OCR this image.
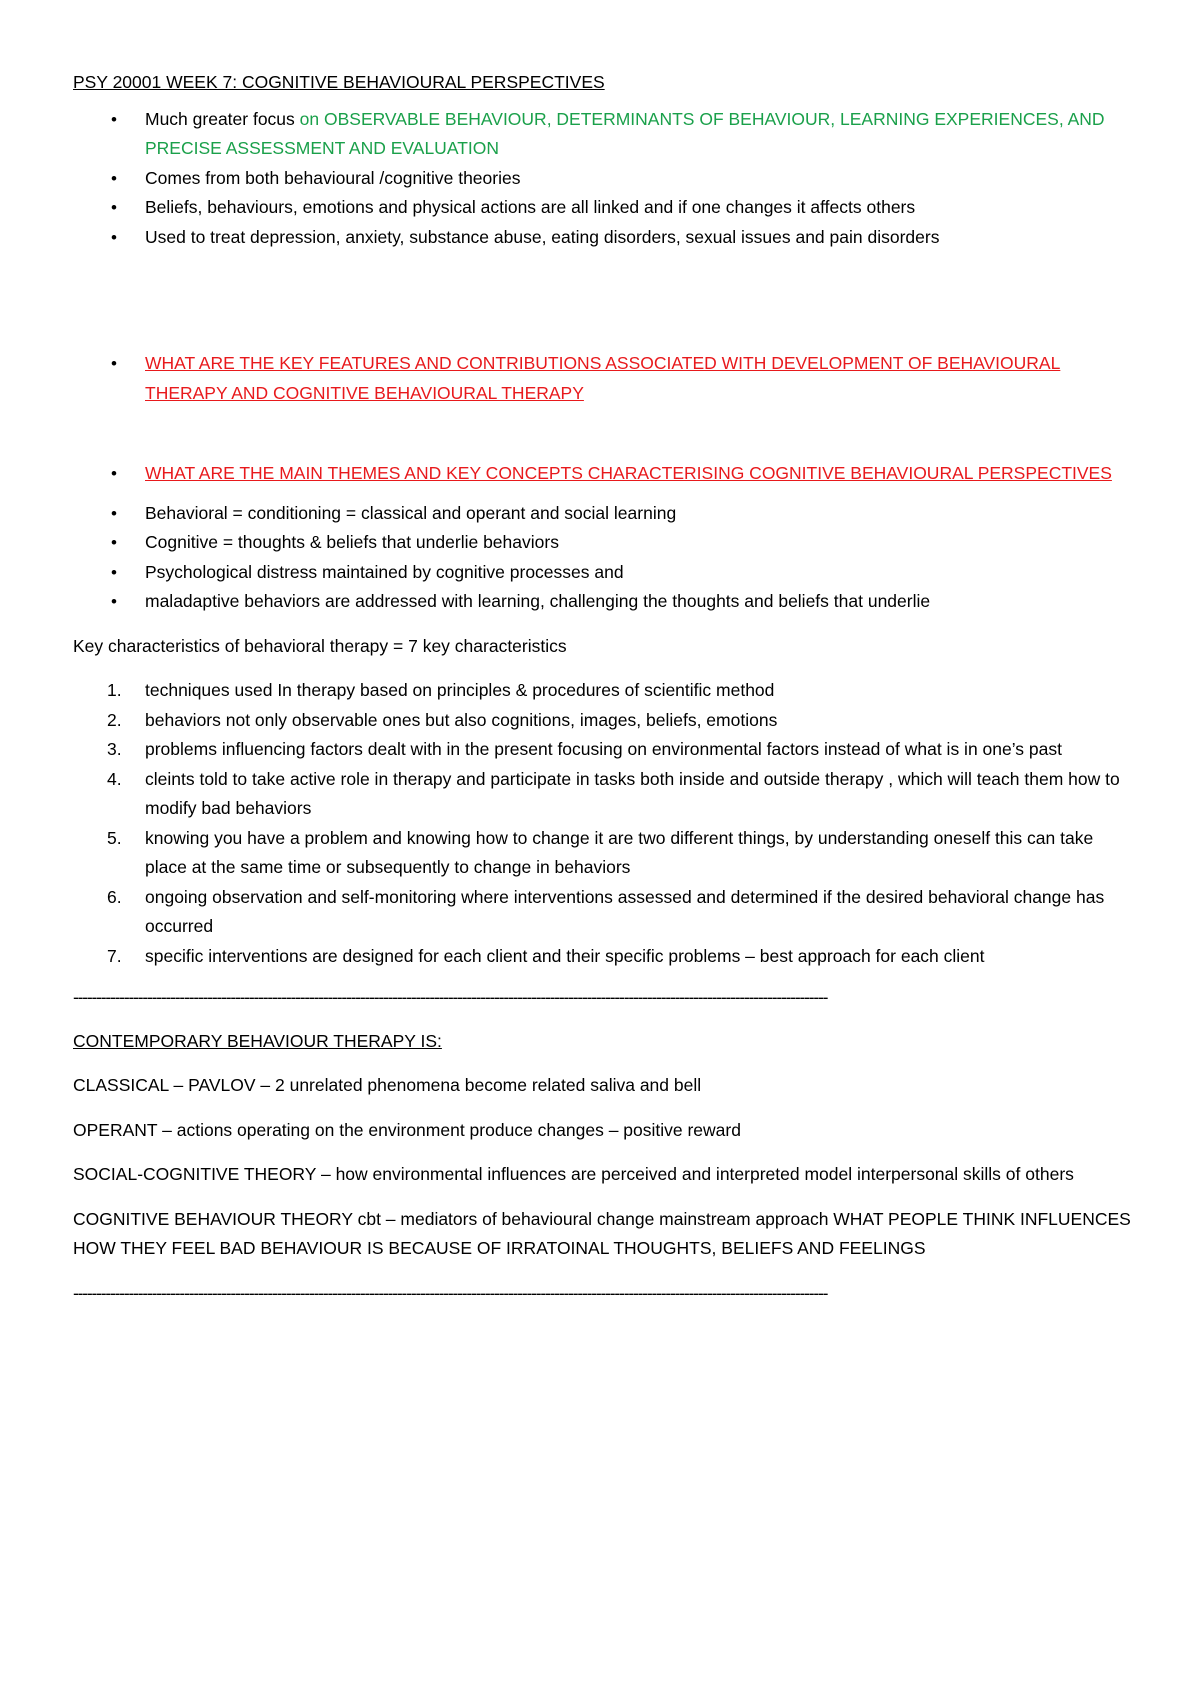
PSY 20001 WEEK 7: COGNITIVE BEHAVIOURAL PERSPECTIVES
• Much greater focus on OBSERVABLE BEHAVIOUR, DETERMINANTS OF BEHAVIOUR, LEARNING EXPERIENCES, AND PRECISE ASSESSMENT AND EVALUATION
• Comes from both behavioural /cognitive theories
• Beliefs, behaviours, emotions and physical actions are all linked and if one changes it affects others
• Used to treat depression, anxiety, substance abuse, eating disorders, sexual issues and pain disorders
• WHAT ARE THE KEY FEATURES AND CONTRIBUTIONS ASSOCIATED WITH DEVELOPMENT OF BEHAVIOURAL THERAPY AND COGNITIVE BEHAVIOURAL THERAPY
• WHAT ARE THE MAIN THEMES AND KEY CONCEPTS CHARACTERISING COGNITIVE BEHAVIOURAL PERSPECTIVES
• Behavioral = conditioning = classical and operant and social learning
• Cognitive = thoughts & beliefs that underlie behaviors
• Psychological distress maintained by cognitive processes and
• maladaptive behaviors are addressed with learning, challenging the thoughts and beliefs that underlie

Key characteristics of behavioral therapy = 7 key characteristics

1. techniques used In therapy based on principles & procedures of scientific method
2. behaviors not only observable ones but also cognitions, images, beliefs, emotions
3. problems influencing factors dealt with in the present focusing on environmental factors instead of what is in one’s past
4. cleints told to take active role in therapy and participate in tasks both inside and outside therapy , which will teach them how to modify bad behaviors
5. knowing you have a problem and knowing how to change it are two different things, by understanding oneself this can take place at the same time or subsequently to change in behaviors
6. ongoing observation and self-monitoring where interventions assessed and determined if the desired behavioral change has occurred
7. specific interventions are designed for each client and their specific problems – best approach for each client
-------------------------------------------------------------------------------------------------------------------------------------------------------------------

CONTEMPORARY BEHAVIOUR THERAPY IS:

CLASSICAL – PAVLOV – 2 unrelated phenomena become related saliva and bell

OPERANT – actions operating on the environment produce changes – positive reward

SOCIAL-COGNITIVE THEORY – how environmental influences are perceived and interpreted model interpersonal skills of others

COGNITIVE BEHAVIOUR THEORY cbt – mediators of behavioural change mainstream approach WHAT PEOPLE THINK INFLUENCES HOW THEY FEEL BAD BEHAVIOUR IS BECAUSE OF IRRATOINAL THOUGHTS, BELIEFS AND FEELINGS

-------------------------------------------------------------------------------------------------------------------------------------------------------------------
